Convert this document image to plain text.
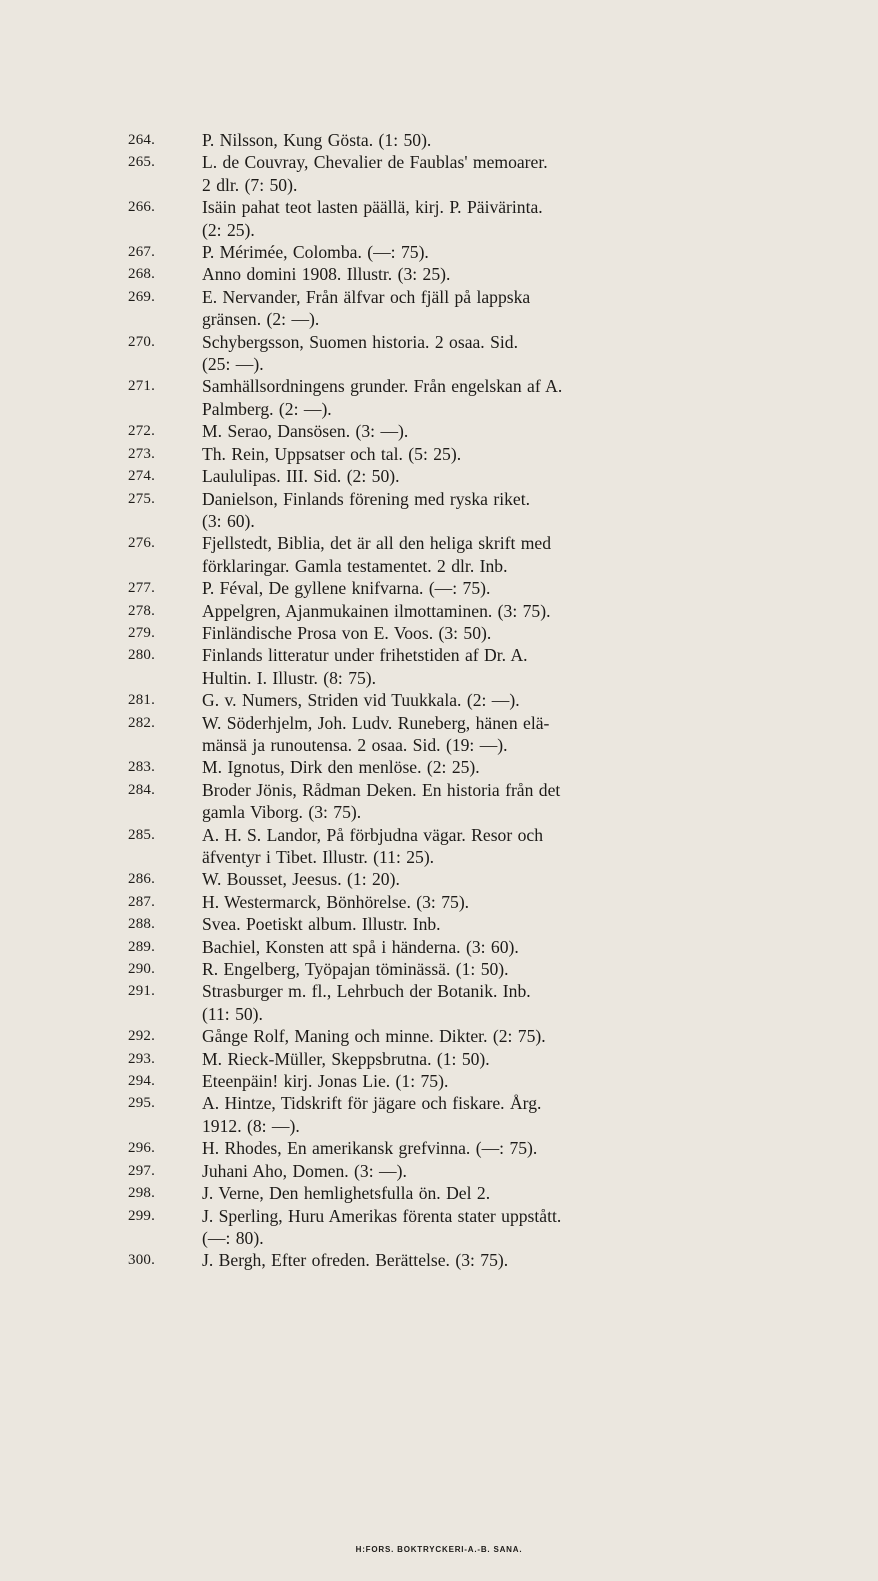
264.	P. Nilsson, Kung Gösta. (1: 50).
265.	L. de Couvray, Chevalier de Faublas' memoarer.
2 dlr. (7: 50).
266.	Isäin pahat teot lasten päällä, kirj. P. Päivärinta.
(2: 25).
267.	P. Mérimée, Colomba. (—: 75).
268.	Anno domini 1908. Illustr. (3: 25).
269.	E. Nervander, Från älfvar och fjäll på lappska
gränsen. (2: —).
270.	Schybergsson, Suomen historia. 2 osaa. Sid.
(25: —).
271.	Samhällsordningens grunder. Från engelskan af A.
Palmberg. (2: —).
272.	M. Serao, Dansösen. (3: —).
273.	Th. Rein, Uppsatser och tal. (5: 25).
274.	Laululipas. III. Sid. (2: 50).
275.	Danielson, Finlands förening med ryska riket.
(3: 60).
276.	Fjellstedt, Biblia, det är all den heliga skrift med
förklaringar. Gamla testamentet. 2 dlr. Inb.
277.	P. Féval, De gyllene knifvarna. (—: 75).
278.	Appelgren, Ajanmukainen ilmottaminen. (3: 75).
279.	Finländische Prosa von E. Voos. (3: 50).
280.	Finlands litteratur under frihetstiden af Dr. A.
Hultin. I. Illustr. (8: 75).
281.	G. v. Numers, Striden vid Tuukkala. (2: —).
282.	W. Söderhjelm, Joh. Ludv. Runeberg, hänen elä-
mänsä ja runoutensa. 2 osaa. Sid. (19: —).
283.	M. Ignotus, Dirk den menlöse. (2: 25).
284.	Broder Jönis, Rådman Deken. En historia från det
gamla Viborg. (3: 75).
285.	A. H. S. Landor, På förbjudna vägar. Resor och
äfventyr i Tibet. Illustr. (11: 25).
286.	W. Bousset, Jeesus. (1: 20).
287.	H. Westermarck, Bönhörelse. (3: 75).
288.	Svea. Poetiskt album. Illustr. Inb.
289.	Bachiel, Konsten att spå i händerna. (3: 60).
290.	R. Engelberg, Työpajan töminässä. (1: 50).
291.	Strasburger m. fl., Lehrbuch der Botanik. Inb.
(11: 50).
292.	Gånge Rolf, Maning och minne. Dikter. (2: 75).
293.	M. Rieck-Müller, Skeppsbrutna. (1: 50).
294.	Eteenpäin! kirj. Jonas Lie. (1: 75).
295.	A. Hintze, Tidskrift för jägare och fiskare. Årg.
1912. (8: —).
296.	H. Rhodes, En amerikansk grefvinna. (—: 75).
297.	Juhani Aho, Domen. (3: —).
298.	J. Verne, Den hemlighetsfulla ön. Del 2.
299.	J. Sperling, Huru Amerikas förenta stater uppstått.
(—: 80).
300.	J. Bergh, Efter ofreden. Berättelse. (3: 75).
H:FORS. BOKTRYCKERI-A.-B. SANA.
